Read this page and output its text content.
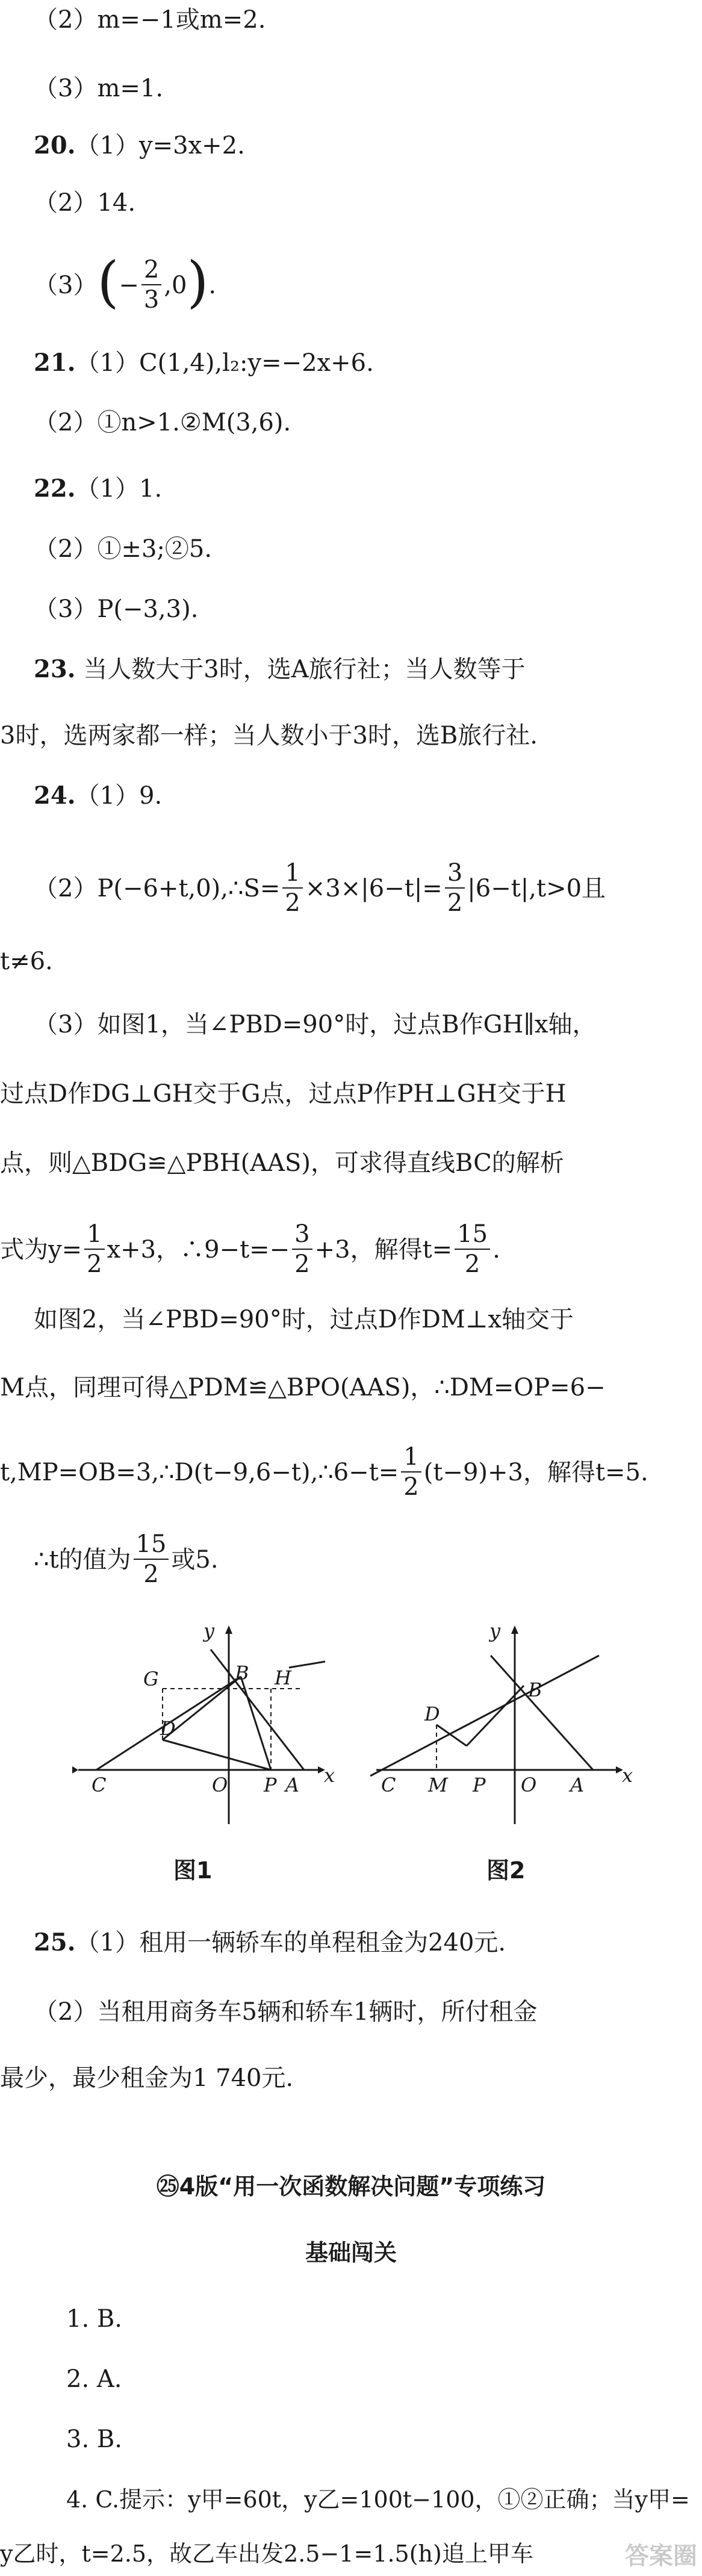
（2）m=−1或m=2.
（3）m=1.
20.（1）y=3x+2.
（2）14.
$(3)(- \frac{2}{3} ,0)$.
21.（1）C(1,4),l₂:y=−2x+6.
（2）①n>1.②M(3,6).
22.（1）1.
（2）①±3;②5.
（3）P(−3,3).
23. 当人数大于3时，选A旅行社；当人数等于
3时，选两家都一样；当人数小于3时，选B旅行社.
24.（1）9.
（2）P(−6+t,0),∴S= $\frac{1}{2} \times 3\times|6-t|= \frac{3}{2} |6-t|,t>0$且
t≠6.
（3）如图1，当∠PBD=90°时，过点B作GH∥x轴，
过点D作DG⊥GH交于G点，过点P作PH⊥GH交于H
点，则△BDG≌△PBH(AAS)，可求得直线BC的解析
式为$y= \frac{1}{2} x+3$，∴9−t=− $\frac{3}{2} +3$，解得$t= \frac{15}{2}$ .
如图2，当∠PBD=90°时，过点D作DM⊥x轴交于
M点，同理可得△PDM≌△BPO(AAS)，∴DM=OP=6−
t,MP=OB=3,∴D(t−9,6−t),∴6−t= $\frac{1}{2} (t-9)+3$，解得t=5.
∴t的值为 $\frac{15}{2}$ 或5.
y
x
G	B H
D
C	O P A
图1
y
x
D
B
C M P O A
图2
25.（1）租用一辆轿车的单程租金为240元.
（2）当租用商务车5辆和轿车1辆时，所付租金
最少，最少租金为1 740元.
㉕4版“用一次函数解决问题”专项练习
基础闯关
1. B.
2. A.
3. B.
4. C.提示：y甲=60t，y乙=100t−100，①②正确；当y甲=
y乙时，t=2.5，故乙车出发2.5−1=1.5(h)追上甲车	答案圈
